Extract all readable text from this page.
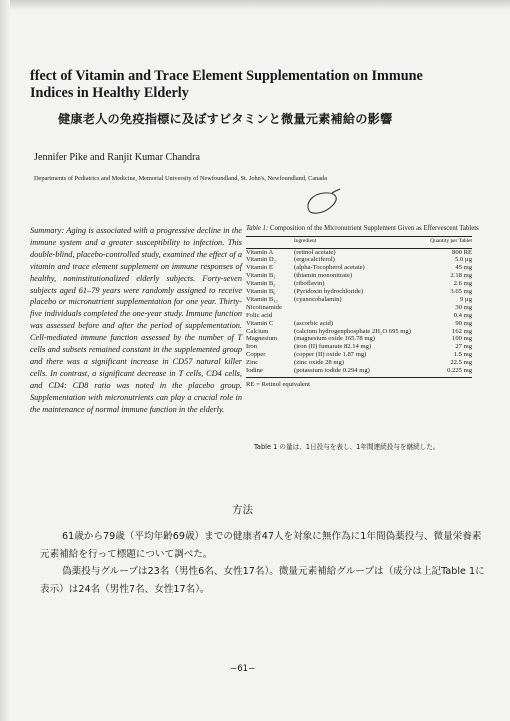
ffect of Vitamin and Trace Element Supplementation on Immune Indices in Healthy Elderly
健康老人の免疫指標に及ぼすビタミンと微量元素補給の影響
Jennifer Pike and Ranjit Kumar Chandra
Departments of Pediatrics and Medicine, Memorial University of Newfoundland, St. John's, Newfoundland, Canada
Summary: Aging is associated with a progressive decline in the immune system and a greater susceptibility to infection. This double-blind, placebo-controlled study, examined the effect of a vitamin and trace element supplement on immune responses of healthy, noninstitutionalized elderly subjects. Forty-seven subjects aged 61–79 years were randomly assigned to receive placebo or micronutrient supplementation for one year. Thirty-five individuals completed the one-year study. Immune function was assessed before and after the period of supplementation. Cell-mediated immune function assessed by the number of T cells and subsets remained constant in the supplemented group and there was a significant increase in CD57 natural killer cells. In contrast, a significant decrease in T cells, CD4 cells, and CD4: CD8 ratio was noted in the placebo group. Supplementation with micronutrients can play a crucial role in the maintenance of normal immune function in the elderly.
Table 1: Composition of the Micronutrient Supplement Given as Effervescent Tablets
	Ingredient	Quantity per Tablet
Vitamin A	(retinol acetate)	800 RE
Vitamin D₂	(ergocalciferol)	5.0 µg
Vitamin E	(alpha-Tocopherol acetate)	45 mg
Vitamin B₁	(thiamin mononitrate)	2.18 mg
Vitamin B₂	(riboflavin)	2.6 mg
Vitamin B₆	(Pyridoxin hydrochloride)	3.65 mg
Vitamin B₁₂	(cyanocobalamin)	9 µg
Nicotinamide		30 mg
Folic acid		0.4 mg
Vitamin C	(ascorbic acid)	90 mg
Calcium	(calcium hydrogenphosphate 2H₂O 695 mg)	162 mg
Magnesium	(magnesium oxide 165.78 mg)	100 mg
Iron	(iron (II) fumarate 82.14 mg)	27 mg
Copper	(copper (II) oxide 1.87 mg)	1.5 mg
Zinc	(zinc oxide 28 mg)	22.5 mg
Iodine	(potassium iodide 0.294 mg)	0.225 mg
RE = Retinol equivalent
Table 1 の量は、1日投与を表し、1年間連続投与を継続した。
方法

61歳から79歳（平均年齢69歳）までの健康者47人を対象に無作為に1年間偽薬投与、微量栄養素元素補給を行って標題について調べた。

偽薬投与グループは23名（男性6名、女性17名）。微量元素補給グループは（成分は上記Table 1に表示）は24名（男性7名、女性17名）。

−61−
